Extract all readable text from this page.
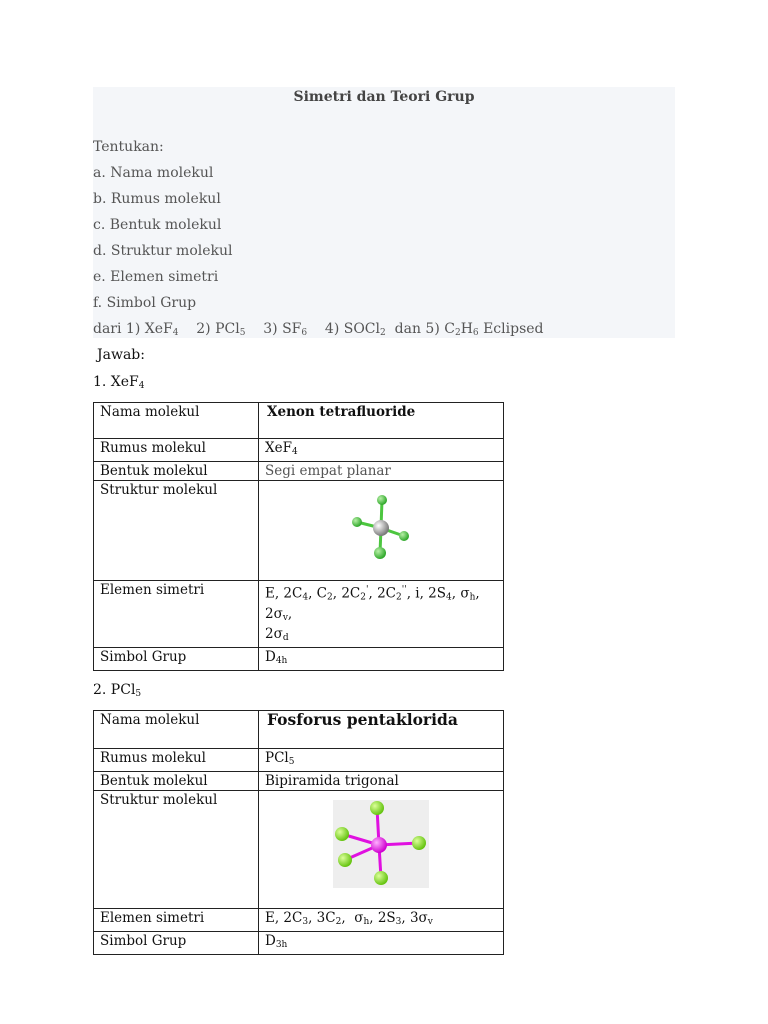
Simetri dan Teori Grup
Tentukan:
a. Nama molekul
b. Rumus molekul
c. Bentuk molekul
d. Struktur molekul
e. Elemen simetri
f. Simbol Grup
dari 1) XeF$_4$ 2) PCl$_5$ 3) $SF_6$ 4) SOCl$_2$ dan 5) $C_2H_6$ Eclipsed
Jawab:
1. XeF$_4$
Nama molekul	Xenon tetrafluoride
Rumus molekul	XeF$_4$
Bentuk molekul	Segi empat planar
Struktur molekul	

Elemen simetri	E, $2C_4$, $C_2$, $2C_2'$, $2C_2''$, i, $2S_4$, $\sigma_h$, $2\sigma_v$,
$2\sigma_d$
Simbol Grup	$D_{4h}$
2. PCl$_5$
Nama molekul	Fosforus pentaklorida
Rumus molekul	PCl$_5$
Bentuk molekul	Bipiramida trigonal
Struktur molekul	

Elemen simetri	E, $2C_3$, $3C_2$,  $\sigma_h$, $2S_3$, $3\sigma_v$
Simbol Grup	$D_{3h}$
